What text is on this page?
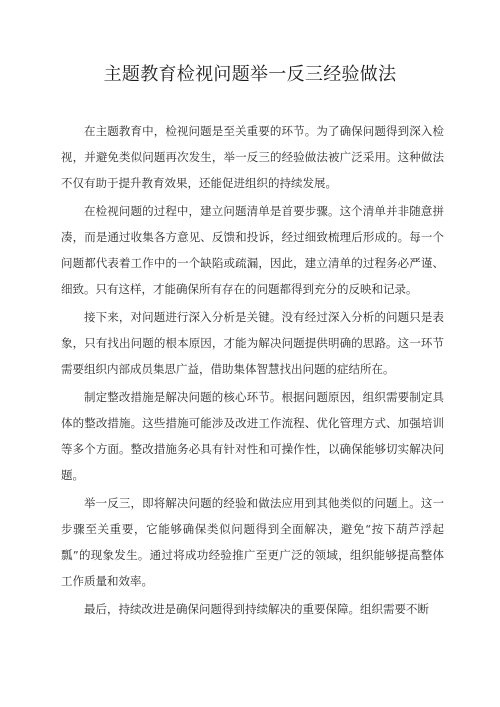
主题教育检视问题举一反三经验做法

在主题教育中，检视问题是至关重要的环节。为了确保问题得到深入检视，并避免类似问题再次发生，举一反三的经验做法被广泛采用。这种做法不仅有助于提升教育效果，还能促进组织的持续发展。

在检视问题的过程中，建立问题清单是首要步骤。这个清单并非随意拼凑，而是通过收集各方意见、反馈和投诉，经过细致梳理后形成的。每一个问题都代表着工作中的一个缺陷或疏漏，因此，建立清单的过程务必严谨、细致。只有这样，才能确保所有存在的问题都得到充分的反映和记录。

接下来，对问题进行深入分析是关键。没有经过深入分析的问题只是表象，只有找出问题的根本原因，才能为解决问题提供明确的思路。这一环节需要组织内部成员集思广益，借助集体智慧找出问题的症结所在。

制定整改措施是解决问题的核心环节。根据问题原因，组织需要制定具体的整改措施。这些措施可能涉及改进工作流程、优化管理方式、加强培训等多个方面。整改措施务必具有针对性和可操作性，以确保能够切实解决问题。

举一反三，即将解决问题的经验和做法应用到其他类似的问题上。这一步骤至关重要，它能够确保类似问题得到全面解决，避免“按下葫芦浮起瓢”的现象发生。通过将成功经验推广至更广泛的领域，组织能够提高整体工作质量和效率。

最后，持续改进是确保问题得到持续解决的重要保障。组织需要不断
